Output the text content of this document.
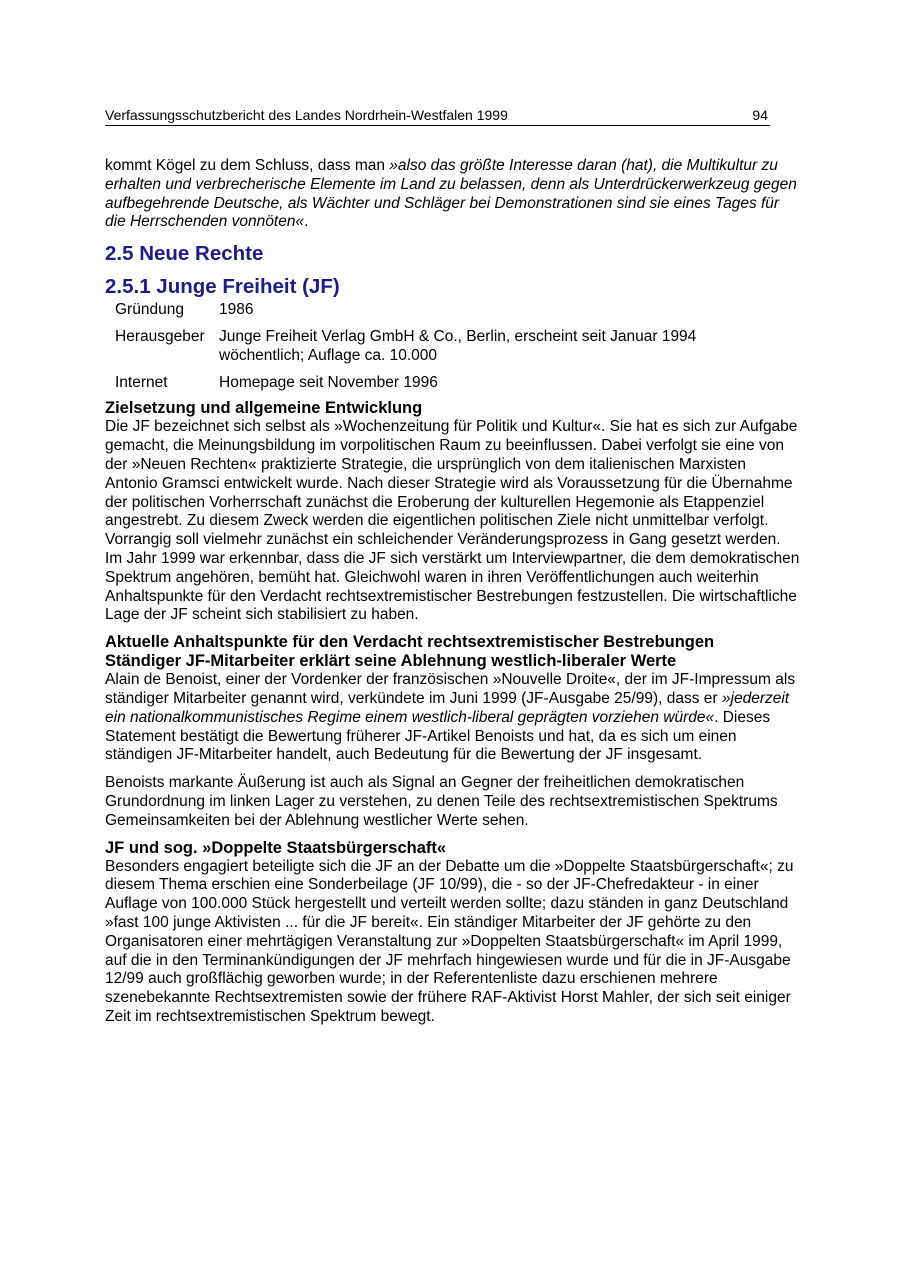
Verfassungsschutzbericht des Landes Nordrhein-Westfalen 1999	94

kommt Kögel zu dem Schluss, dass man »also das größte Interesse daran (hat), die Multikultur zu erhalten und verbrecherische Elemente im Land zu belassen, denn als Unterdrückerwerkzeug gegen aufbegehrende Deutsche, als Wächter und Schläger bei Demonstrationen sind sie eines Tages für die Herrschenden vonnöten«.

2.5 Neue Rechte
2.5.1 Junge Freiheit (JF)
Gründung	1986

Herausgeber	Junge Freiheit Verlag GmbH & Co., Berlin, erscheint seit Januar 1994 wöchentlich; Auflage ca. 10.000

Internet	Homepage seit November 1996
Zielsetzung und allgemeine Entwicklung

Die JF bezeichnet sich selbst als »Wochenzeitung für Politik und Kultur«. Sie hat es sich zur Aufgabe gemacht, die Meinungsbildung im vorpolitischen Raum zu beeinflussen. Dabei verfolgt sie eine von der »Neuen Rechten« praktizierte Strategie, die ursprünglich von dem italienischen Marxisten Antonio Gramsci entwickelt wurde. Nach dieser Strategie wird als Voraussetzung für die Übernahme der politischen Vorherrschaft zunächst die Eroberung der kulturellen Hegemonie als Etappenziel angestrebt. Zu diesem Zweck werden die eigentlichen politischen Ziele nicht unmittelbar verfolgt. Vorrangig soll vielmehr zunächst ein schleichender Veränderungsprozess in Gang gesetzt werden. Im Jahr 1999 war erkennbar, dass die JF sich verstärkt um Interviewpartner, die dem demokratischen Spektrum angehören, bemüht hat. Gleichwohl waren in ihren Veröffentlichungen auch weiterhin Anhaltspunkte für den Verdacht rechtsextremistischer Bestrebungen festzustellen. Die wirtschaftliche Lage der JF scheint sich stabilisiert zu haben.

Aktuelle Anhaltspunkte für den Verdacht rechtsextremistischer Bestrebungen
Ständiger JF-Mitarbeiter erklärt seine Ablehnung westlich-liberaler Werte

Alain de Benoist, einer der Vordenker der französischen »Nouvelle Droite«, der im JF-Impressum als ständiger Mitarbeiter genannt wird, verkündete im Juni 1999 (JF-Ausgabe 25/99), dass er »jederzeit ein nationalkommunistisches Regime einem westlich-liberal geprägten vorziehen würde«. Dieses Statement bestätigt die Bewertung früherer JF-Artikel Benoists und hat, da es sich um einen ständigen JF-Mitarbeiter handelt, auch Bedeutung für die Bewertung der JF insgesamt.

Benoists markante Äußerung ist auch als Signal an Gegner der freiheitlichen demokratischen Grundordnung im linken Lager zu verstehen, zu denen Teile des rechtsextremistischen Spektrums Gemeinsamkeiten bei der Ablehnung westlicher Werte sehen.

JF und sog. »Doppelte Staatsbürgerschaft«

Besonders engagiert beteiligte sich die JF an der Debatte um die »Doppelte Staatsbürgerschaft«; zu diesem Thema erschien eine Sonderbeilage (JF 10/99), die - so der JF-Chefredakteur - in einer Auflage von 100.000 Stück hergestellt und verteilt werden sollte; dazu ständen in ganz Deutschland »fast 100 junge Aktivisten ... für die JF bereit«. Ein ständiger Mitarbeiter der JF gehörte zu den Organisatoren einer mehrtägigen Veranstaltung zur »Doppelten Staatsbürgerschaft« im April 1999, auf die in den Terminankündigungen der JF mehrfach hingewiesen wurde und für die in JF-Ausgabe 12/99 auch großflächig geworben wurde; in der Referentenliste dazu erschienen mehrere szenebekannte Rechtsextremisten sowie der frühere RAF-Aktivist Horst Mahler, der sich seit einiger Zeit im rechtsextremistischen Spektrum bewegt.
